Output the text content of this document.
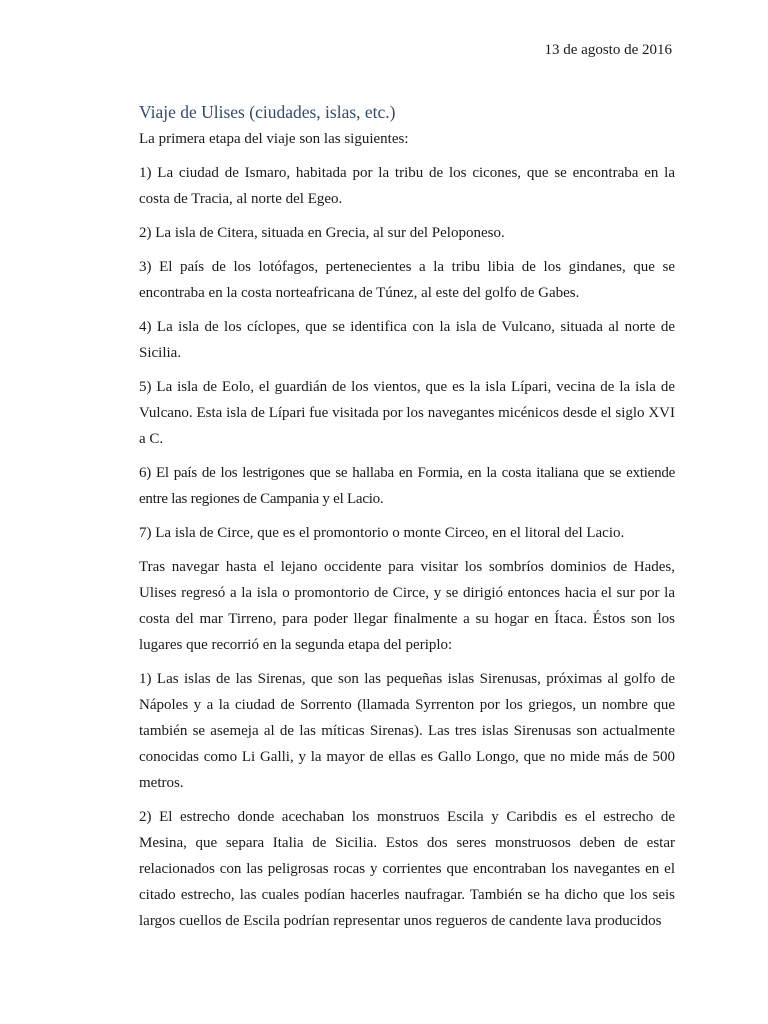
13 de agosto de 2016
Viaje de Ulises (ciudades, islas, etc.)

La primera etapa del viaje son las siguientes:

1) La ciudad de Ismaro, habitada por la tribu de los cicones, que se encontraba en la costa de Tracia, al norte del Egeo.

2) La isla de Citera, situada en Grecia, al sur del Peloponeso.

3) El país de los lotófagos, pertenecientes a la tribu libia de los gindanes, que se encontraba en la costa norteafricana de Túnez, al este del golfo de Gabes.

4) La isla de los cíclopes, que se identifica con la isla de Vulcano, situada al norte de Sicilia.

5) La isla de Eolo, el guardián de los vientos, que es la isla Lípari, vecina de la isla de Vulcano. Esta isla de Lípari fue visitada por los navegantes micénicos desde el siglo XVI a C.

6) El país de los lestrigones que se hallaba en Formia, en la costa italiana que se extiende entre las regiones de Campania y el Lacio.

7) La isla de Circe, que es el promontorio o monte Circeo, en el litoral del Lacio.

Tras navegar hasta el lejano occidente para visitar los sombríos dominios de Hades, Ulises regresó a la isla o promontorio de Circe, y se dirigió entonces hacia el sur por la costa del mar Tirreno, para poder llegar finalmente a su hogar en Ítaca. Éstos son los lugares que recorrió en la segunda etapa del periplo:

1) Las islas de las Sirenas, que son las pequeñas islas Sirenusas, próximas al golfo de Nápoles y a la ciudad de Sorrento (llamada Syrrenton por los griegos, un nombre que también se asemeja al de las míticas Sirenas). Las tres islas Sirenusas son actualmente conocidas como Li Galli, y la mayor de ellas es Gallo Longo, que no mide más de 500 metros.

2) El estrecho donde acechaban los monstruos Escila y Caribdis es el estrecho de Mesina, que separa Italia de Sicilia. Estos dos seres monstruosos deben de estar relacionados con las peligrosas rocas y corrientes que encontraban los navegantes en el citado estrecho, las cuales podían hacerles naufragar. También se ha dicho que los seis largos cuellos de Escila podrían representar unos regueros de candente lava producidos
